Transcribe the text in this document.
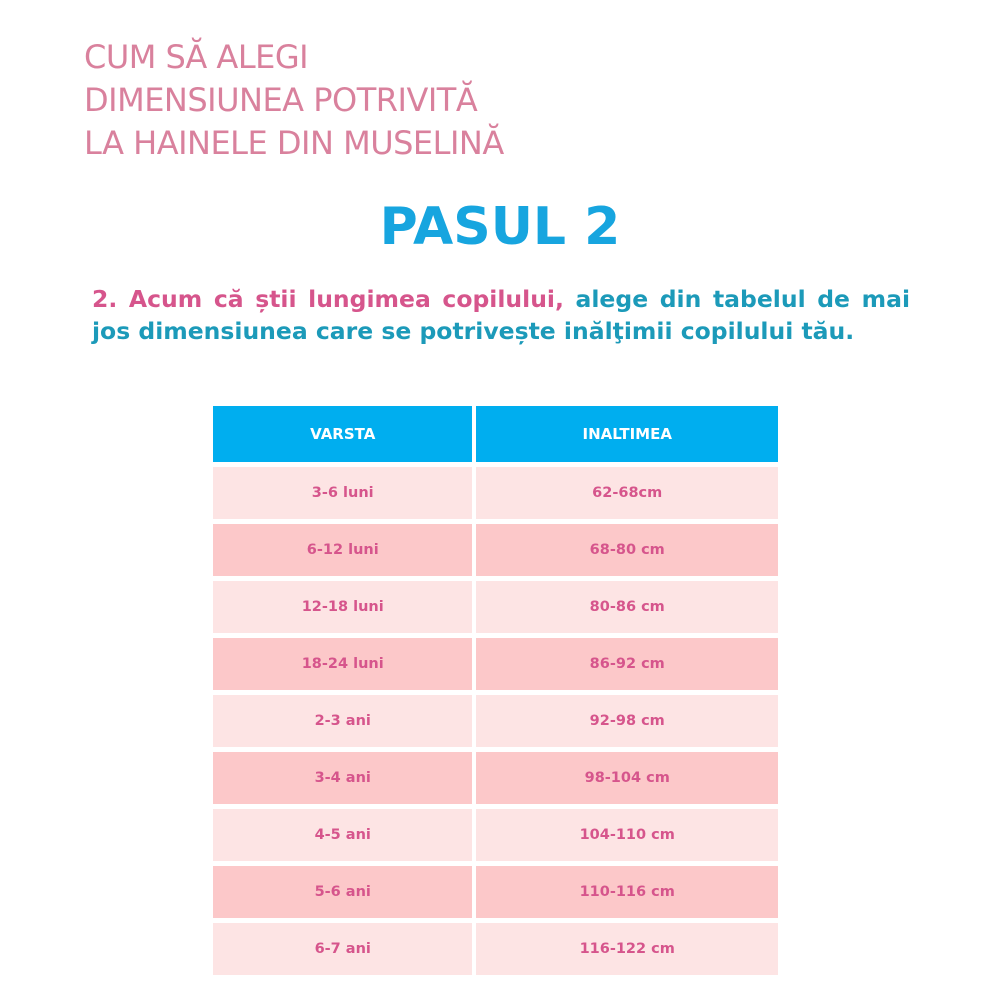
CUM SĂ ALEGI
DIMENSIUNEA POTRIVITĂ
LA HAINELE DIN MUSELINĂ
PASUL 2

2. Acum că știi lungimea copilului, alege din tabelul de mai jos dimensiunea care se potrivește inălţimii copilului tău.

VARSTA	INALTIMEA
3-6 luni	62-68cm
6-12 luni	68-80 cm
12-18 luni	80-86 cm
18-24 luni	86-92 cm
2-3 ani	92-98 cm
3-4 ani	98-104 cm
4-5 ani	104-110 cm
5-6 ani	110-116 cm
6-7 ani	116-122 cm
